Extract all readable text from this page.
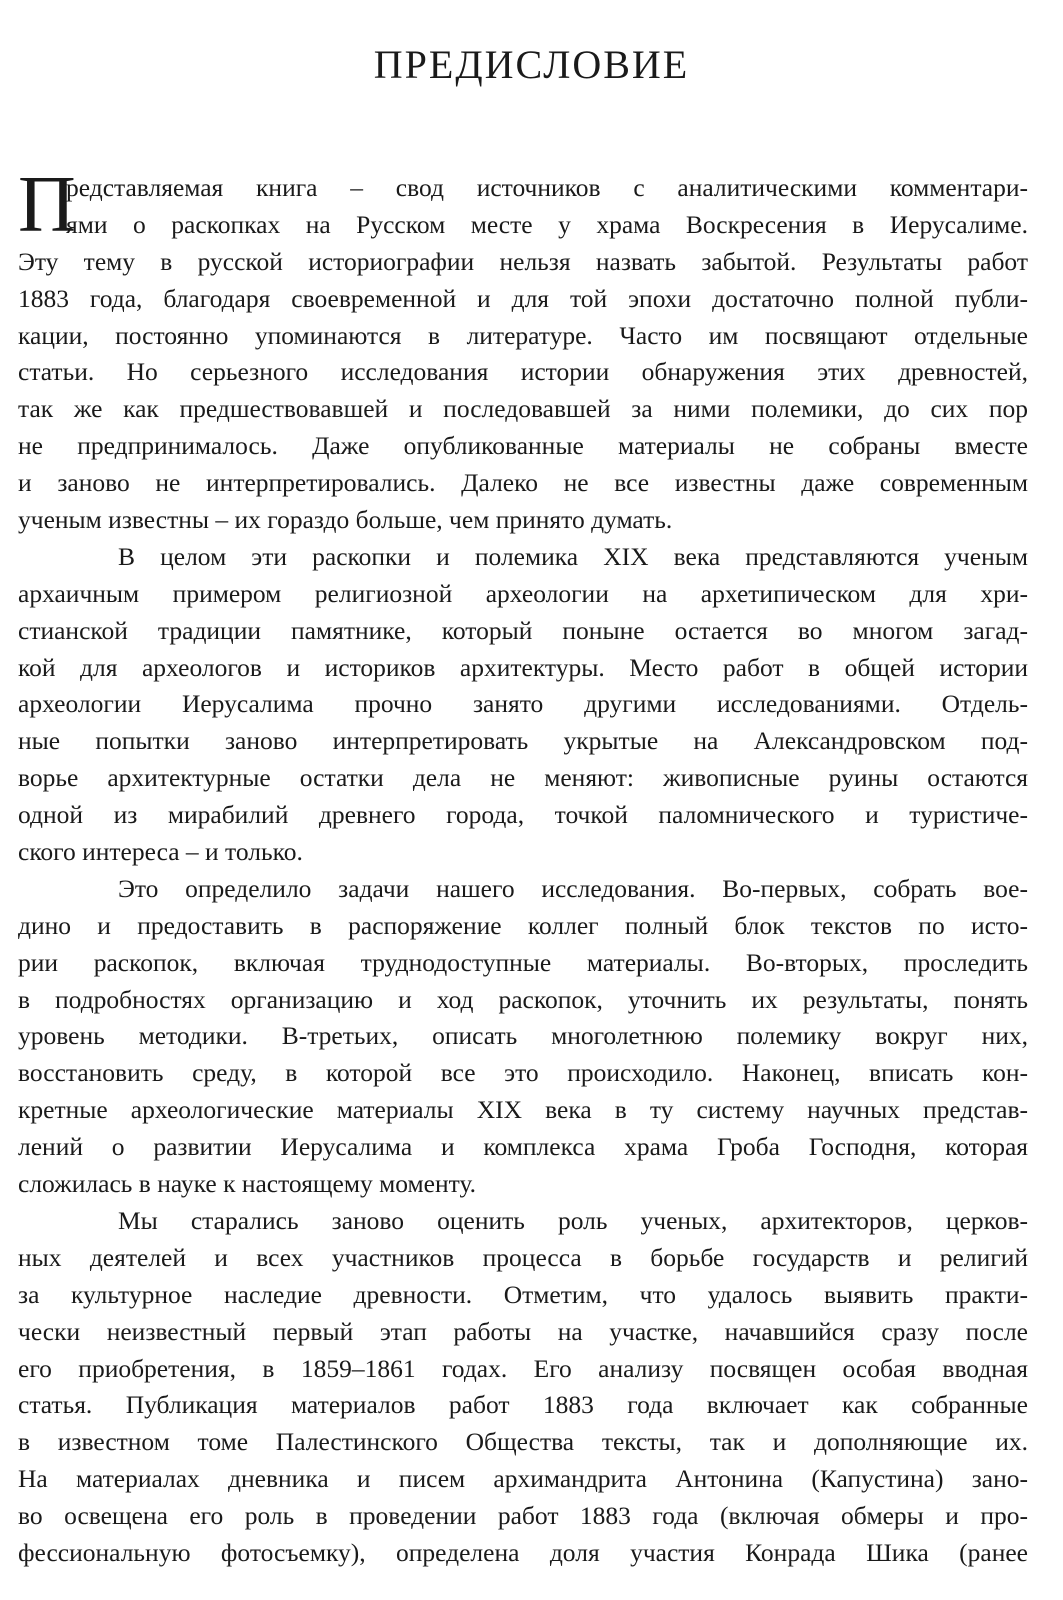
ПРЕДИСЛОВИЕ
П
редставляемая книга – свод источников с аналитическими комментари-
ями о раскопках на Русском месте у храма Воскресения в Иерусалиме.
Эту тему в русской историографии нельзя назвать забытой. Результаты работ
1883 года, благодаря своевременной и для той эпохи достаточно полной публи-
кации, постоянно упоминаются в литературе. Часто им посвящают отдельные
статьи. Но серьезного исследования истории обнаружения этих древностей,
так же как предшествовавшей и последовавшей за ними полемики, до сих пор
не предпринималось. Даже опубликованные материалы не собраны вместе
и заново не интерпретировались. Далеко не все известны даже современным
ученым известны – их гораздо больше, чем принято думать.
В целом эти раскопки и полемика XIX века представляются ученым
архаичным примером религиозной археологии на архетипическом для хри-
стианской традиции памятнике, который поныне остается во многом загад-
кой для археологов и историков архитектуры. Место работ в общей истории
археологии Иерусалима прочно занято другими исследованиями. Отдель-
ные попытки заново интерпретировать укрытые на Александровском под-
ворье архитектурные остатки дела не меняют: живописные руины остаются
одной из мирабилий древнего города, точкой паломнического и туристиче-
ского интереса – и только.
Это определило задачи нашего исследования. Во-первых, собрать вое-
дино и предоставить в распоряжение коллег полный блок текстов по исто-
рии раскопок, включая труднодоступные материалы. Во-вторых, проследить
в подробностях организацию и ход раскопок, уточнить их результаты, понять
уровень методики. В-третьих, описать многолетнюю полемику вокруг них,
восстановить среду, в которой все это происходило. Наконец, вписать кон-
кретные археологические материалы XIX века в ту систему научных представ-
лений о развитии Иерусалима и комплекса храма Гроба Господня, которая
сложилась в науке к настоящему моменту.
Мы старались заново оценить роль ученых, архитекторов, церков-
ных деятелей и всех участников процесса в борьбе государств и религий
за культурное наследие древности. Отметим, что удалось выявить практи-
чески неизвестный первый этап работы на участке, начавшийся сразу после
его приобретения, в 1859–1861 годах. Его анализу посвящен особая вводная
статья. Публикация материалов работ 1883 года включает как собранные
в известном томе Палестинского Общества тексты, так и дополняющие их.
На материалах дневника и писем архимандрита Антонина (Капустина) зано-
во освещена его роль в проведении работ 1883 года (включая обмеры и про-
фессиональную фотосъемку), определена доля участия Конрада Шика (ранее
